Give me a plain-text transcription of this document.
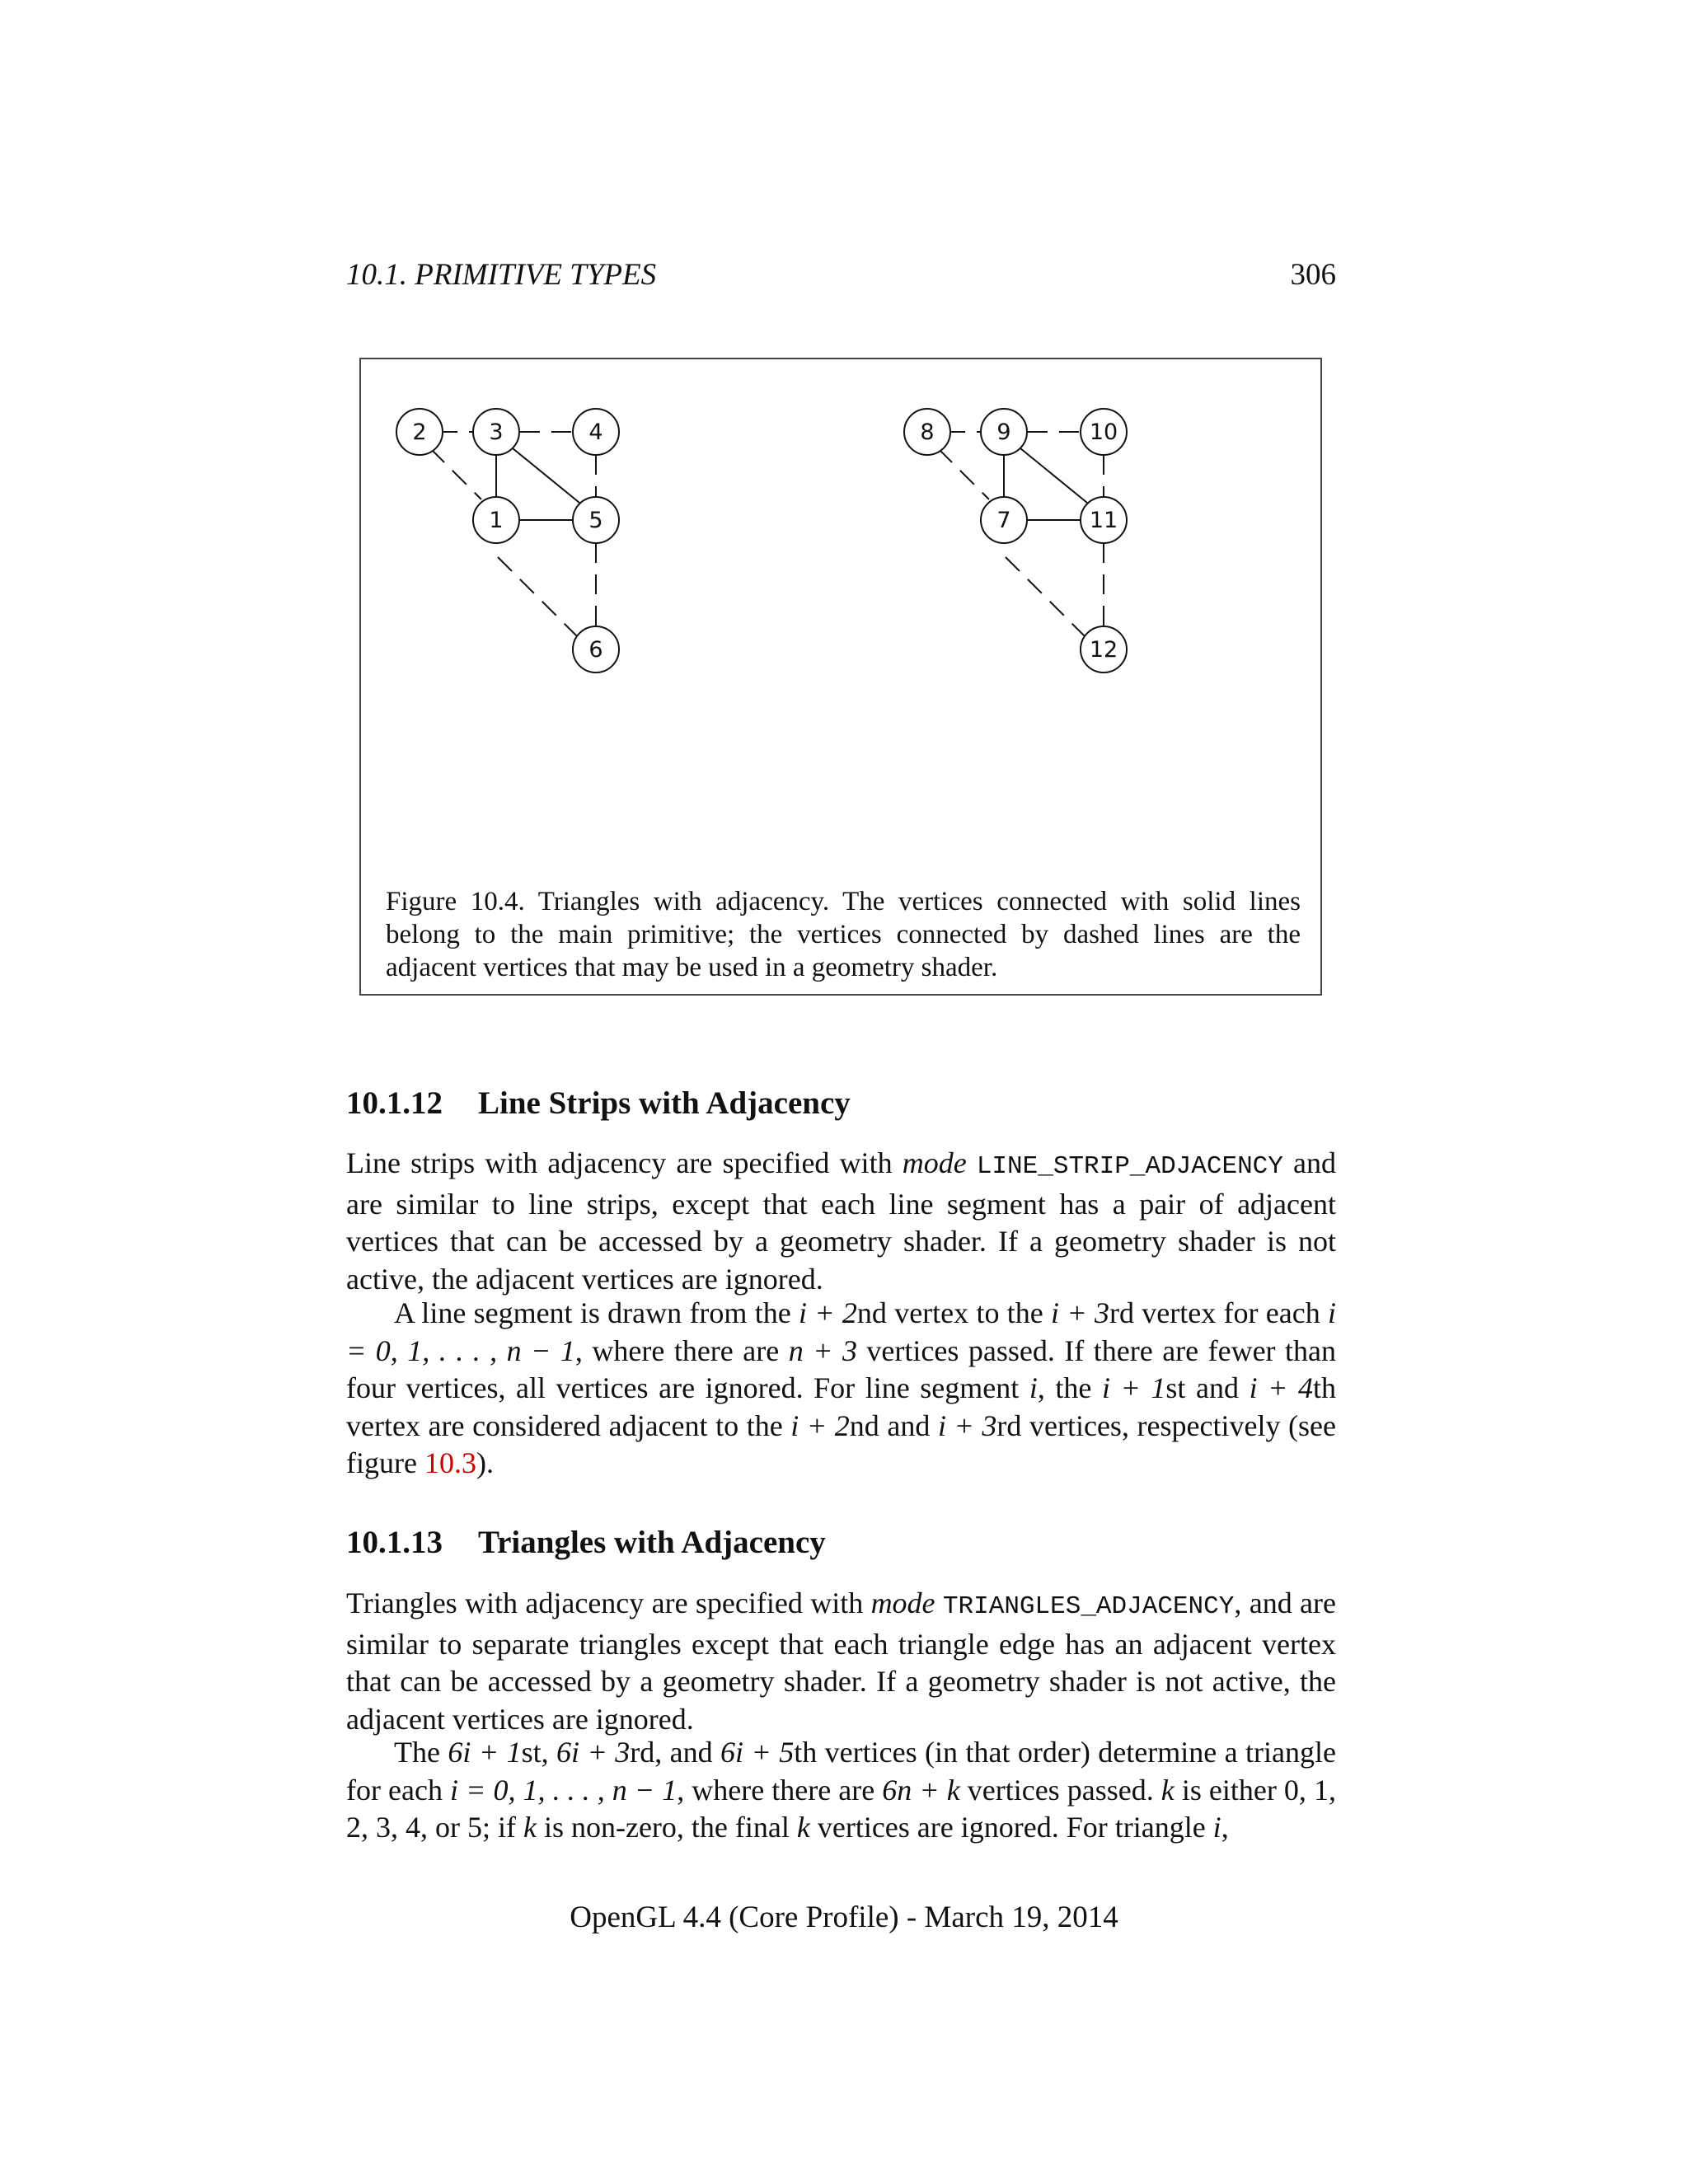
10.1. PRIMITIVE TYPES	306
2	3	4
1	5
6
8	9	10
7	11
12
Figure 10.4. Triangles with adjacency. The vertices connected with solid lines belong to the main primitive; the vertices connected by dashed lines are the adjacent vertices that may be used in a geometry shader.
10.1.12 Line Strips with Adjacency

Line strips with adjacency are specified with mode LINE_STRIP_ADJACENCY and are similar to line strips, except that each line segment has a pair of adjacent vertices that can be accessed by a geometry shader. If a geometry shader is not active, the adjacent vertices are ignored.

A line segment is drawn from the i + 2nd vertex to the i + 3rd vertex for each i = 0, 1, . . . , n − 1, where there are n + 3 vertices passed. If there are fewer than four vertices, all vertices are ignored. For line segment i, the i + 1st and i + 4th vertex are considered adjacent to the i + 2nd and i + 3rd vertices, respectively (see figure 10.3).

10.1.13 Triangles with Adjacency

Triangles with adjacency are specified with mode TRIANGLES_ADJACENCY, and are similar to separate triangles except that each triangle edge has an adjacent vertex that can be accessed by a geometry shader. If a geometry shader is not active, the adjacent vertices are ignored.

The 6i + 1st, 6i + 3rd, and 6i + 5th vertices (in that order) determine a triangle for each i = 0, 1, . . . , n − 1, where there are 6n + k vertices passed. k is either 0, 1, 2, 3, 4, or 5; if k is non-zero, the final k vertices are ignored. For triangle i,

OpenGL 4.4 (Core Profile) - March 19, 2014
